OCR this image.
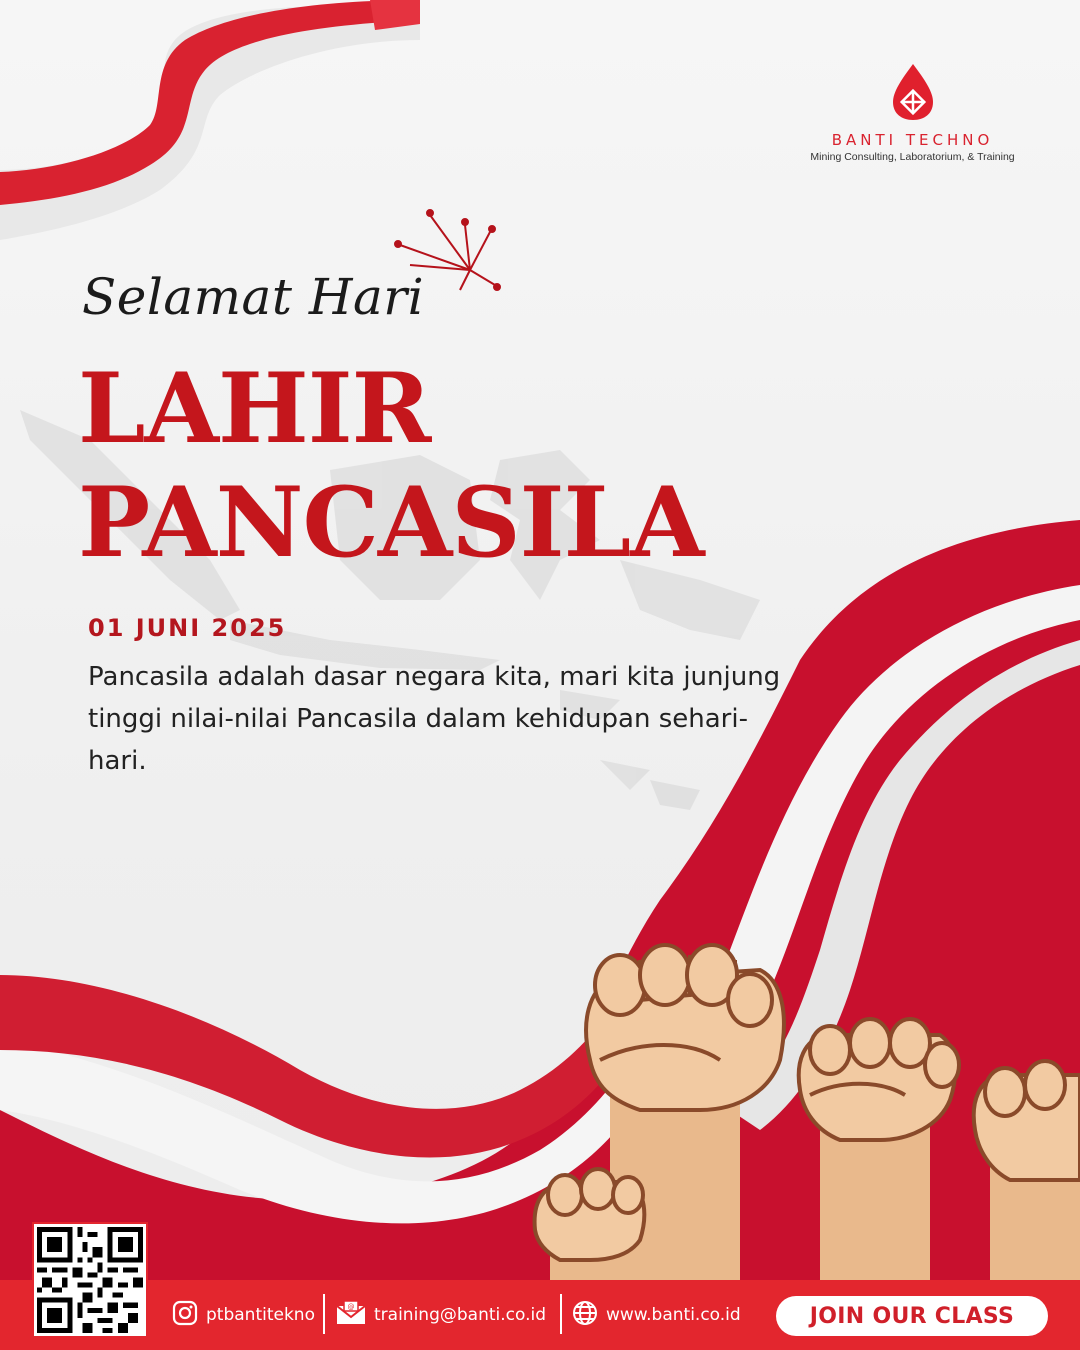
BANTI TECHNO
Mining Consulting, Laboratorium, & Training
Selamat Hari
LAHIR
PANCASILA
01 JUNI 2025
Pancasila adalah dasar negara kita, mari kita junjung tinggi nilai-nilai Pancasila dalam kehidupan sehari-hari.
ptbantitekno	@ training@banti.co.id	www.banti.co.id	JOIN OUR CLASS
